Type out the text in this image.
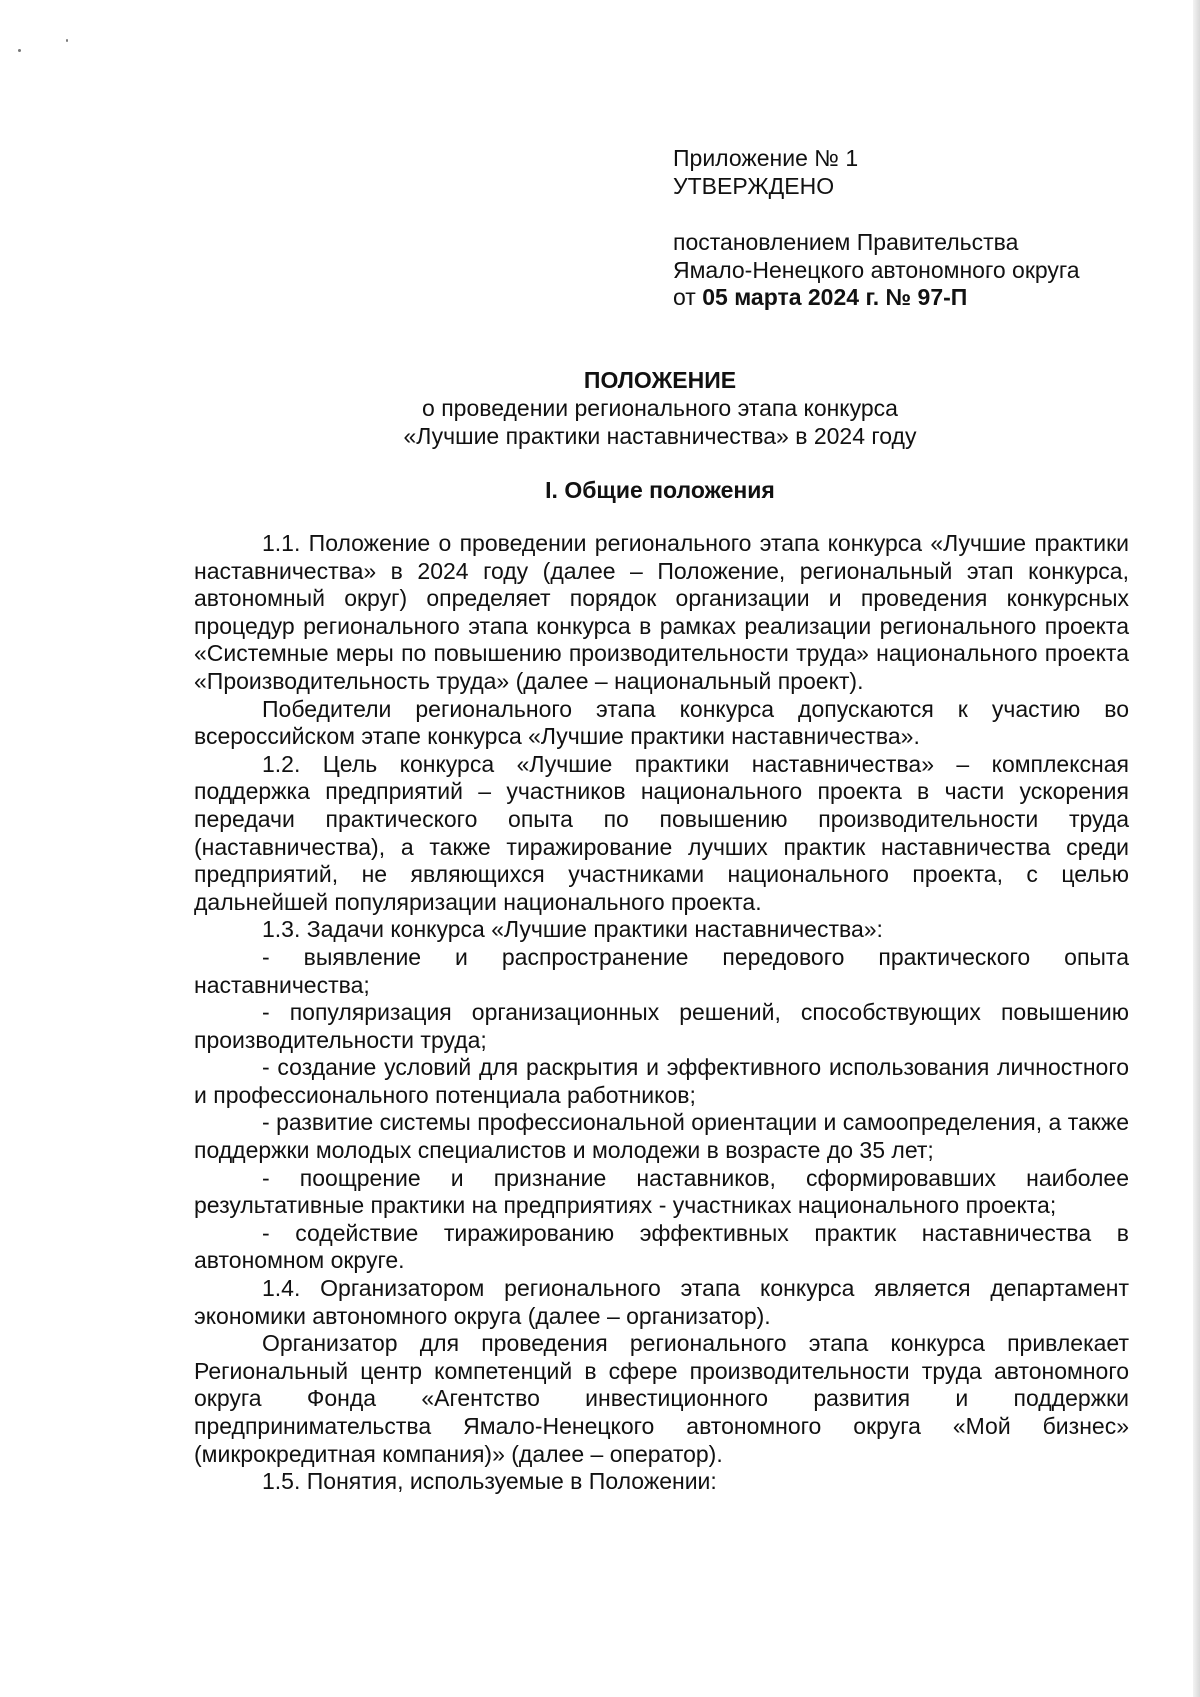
Приложение № 1
УТВЕРЖДЕНО
постановлением Правительства
Ямало-Ненецкого автономного округа
от 05 марта 2024 г. № 97-П
ПОЛОЖЕНИЕ
о проведении регионального этапа конкурса
«Лучшие практики наставничества» в 2024 году
I. Общие положения

1.1. Положение о проведении регионального этапа конкурса «Лучшие практики наставничества» в 2024 году (далее – Положение, региональный этап конкурса, автономный округ) определяет порядок организации и проведения конкурсных процедур регионального этапа конкурса в рамках реализации регионального проекта «Системные меры по повышению производительности труда» национального проекта «Производительность труда» (далее – национальный проект).

Победители регионального этапа конкурса допускаются к участию во всероссийском этапе конкурса «Лучшие практики наставничества».

1.2. Цель конкурса «Лучшие практики наставничества» – комплексная поддержка предприятий – участников национального проекта в части ускорения передачи практического опыта по повышению производительности труда (наставничества), а также тиражирование лучших практик наставничества среди предприятий, не являющихся участниками национального проекта, с целью дальнейшей популяризации национального проекта.

1.3. Задачи конкурса «Лучшие практики наставничества»:

- выявление и распространение передового практического опыта наставничества;

- популяризация организационных решений, способствующих повышению производительности труда;

- создание условий для раскрытия и эффективного использования личностного и профессионального потенциала работников;

- развитие системы профессиональной ориентации и самоопределения, а также поддержки молодых специалистов и молодежи в возрасте до 35 лет;

- поощрение и признание наставников, сформировавших наиболее результативные практики на предприятиях - участниках национального проекта;

- содействие тиражированию эффективных практик наставничества в автономном округе.

1.4. Организатором регионального этапа конкурса является департамент экономики автономного округа (далее – организатор).

Организатор для проведения регионального этапа конкурса привлекает Региональный центр компетенций в сфере производительности труда автономного округа Фонда «Агентство инвестиционного развития и поддержки предпринимательства Ямало-Ненецкого автономного округа «Мой бизнес» (микрокредитная компания)» (далее – оператор).

1.5. Понятия, используемые в Положении:
